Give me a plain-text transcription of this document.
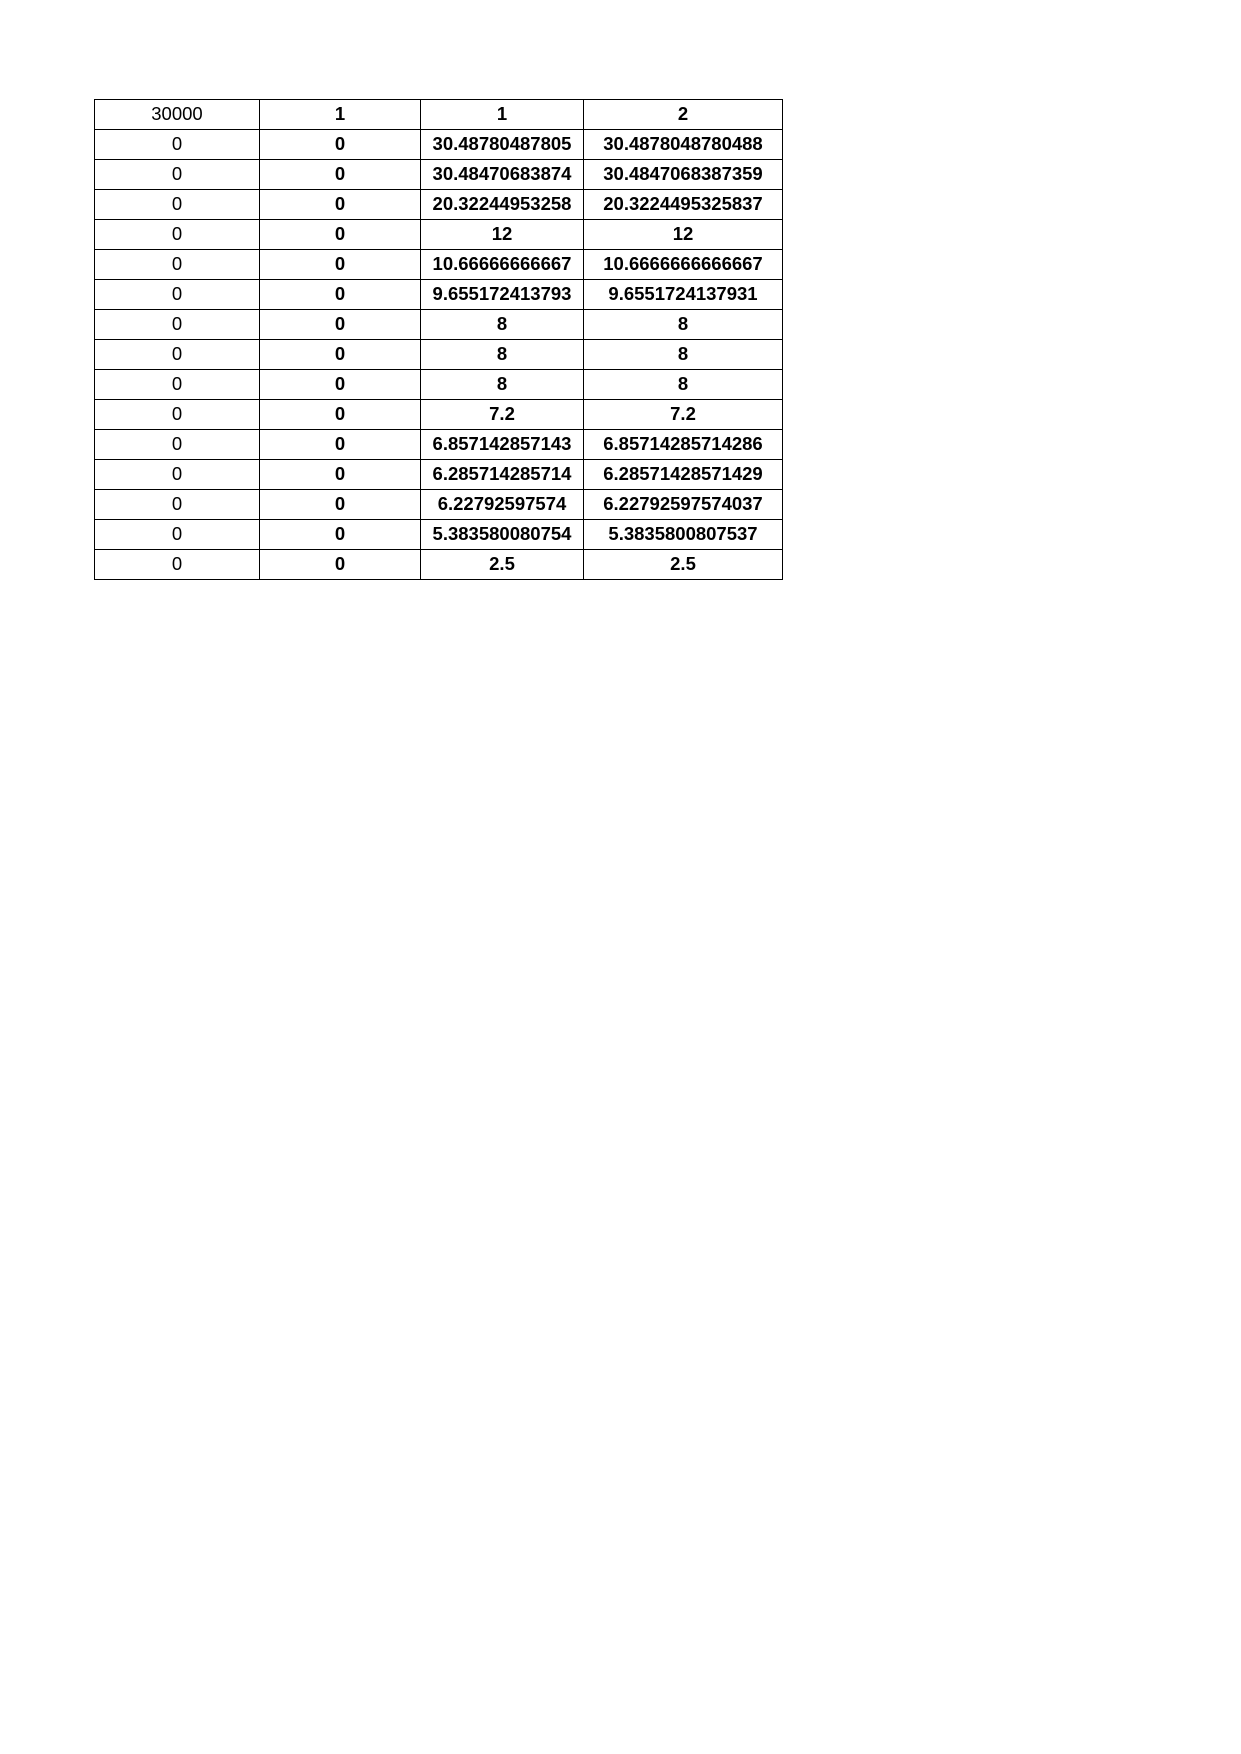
30000	1	1	2
0	0	30.48780487805	30.4878048780488
0	0	30.48470683874	30.4847068387359
0	0	20.32244953258	20.3224495325837
0	0	12	12
0	0	10.66666666667	10.6666666666667
0	0	9.655172413793	9.6551724137931
0	0	8	8
0	0	8	8
0	0	8	8
0	0	7.2	7.2
0	0	6.857142857143	6.85714285714286
0	0	6.285714285714	6.28571428571429
0	0	6.22792597574	6.22792597574037
0	0	5.383580080754	5.3835800807537
0	0	2.5	2.5
